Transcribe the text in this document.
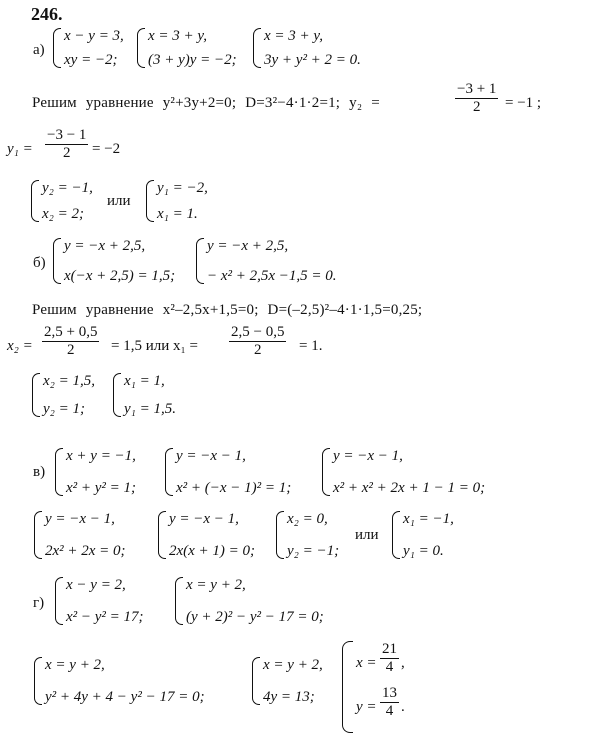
246.
а)
x − y = 3,
xy = −2;
x = 3 + y,
(3 + y)y = −2;
x = 3 + y,
3y + y² + 2 = 0.
Решим уравнение y²+3y+2=0; D=3²−4·1·2=1; y₂ =	$\frac{-3 + 1}{2} = -1$ ;
$y_1 = \frac{-3 - 1}{2} = -2$
y₂ = −1,
x₂ = 2;
или
y₁ = −2,
x₁ = 1.
б)
y = −x + 2,5,
x(−x + 2,5) = 1,5;
y = −x + 2,5,
− x² + 2,5x −1,5 = 0.
Решим уравнение x²–2,5x+1,5=0; D=(–2,5)²–4·1·1,5=0,25;
$x_2 = \frac{2,5 + 0,5}{2} = 1,5$ или $x_1 = \frac{2,5 - 0,5}{2} = 1$.
x₂ = 1,5,
y₂ = 1;
x₁ = 1,
y₁ = 1,5.
в)
x + y = −1,
x² + y² = 1;
y = −x − 1,
x² + (−x − 1)² = 1;
y = −x − 1,
x² + x² + 2x + 1 − 1 = 0;
y = −x − 1,
2x² + 2x = 0;
y = −x − 1,
2x(x + 1) = 0;
x₂ = 0,
y₂ = −1;
или
x₁ = −1,
y₁ = 0.
г)
x − y = 2,
x² − y² = 17;
x = y + 2,
(y + 2)² − y² − 17 = 0;
x = y + 2,
y² + 4y + 4 − y² − 17 = 0;
x = y + 2,
4y = 13;
$x = \frac{21}{4}$ ,
$y = \frac{13}{4}$ .
